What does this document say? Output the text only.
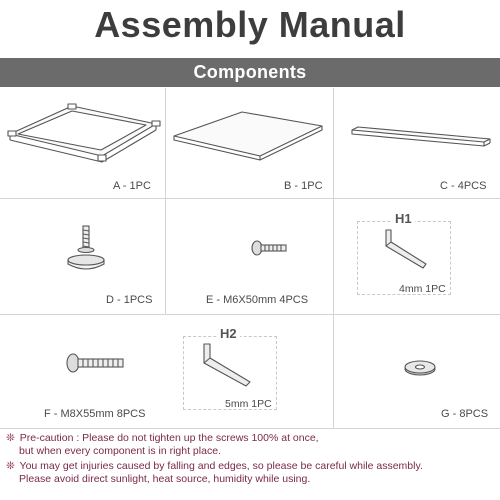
Assembly Manual
Components
A - 1PC	B - 1PC	C - 4PCS
D - 1PCS	E - M6X50mm 4PCS
H1
4mm 1PC
F - M8X55mm 8PCS
H2
5mm 1PC
G - 8PCS
❊ Pre-caution : Please do not tighten up the screws 100% at once,
but when every component is in right place.
❊ You may get injuries caused by falling and edges, so please be careful while assembly.
Please avoid direct sunlight, heat source, humidity while using.
